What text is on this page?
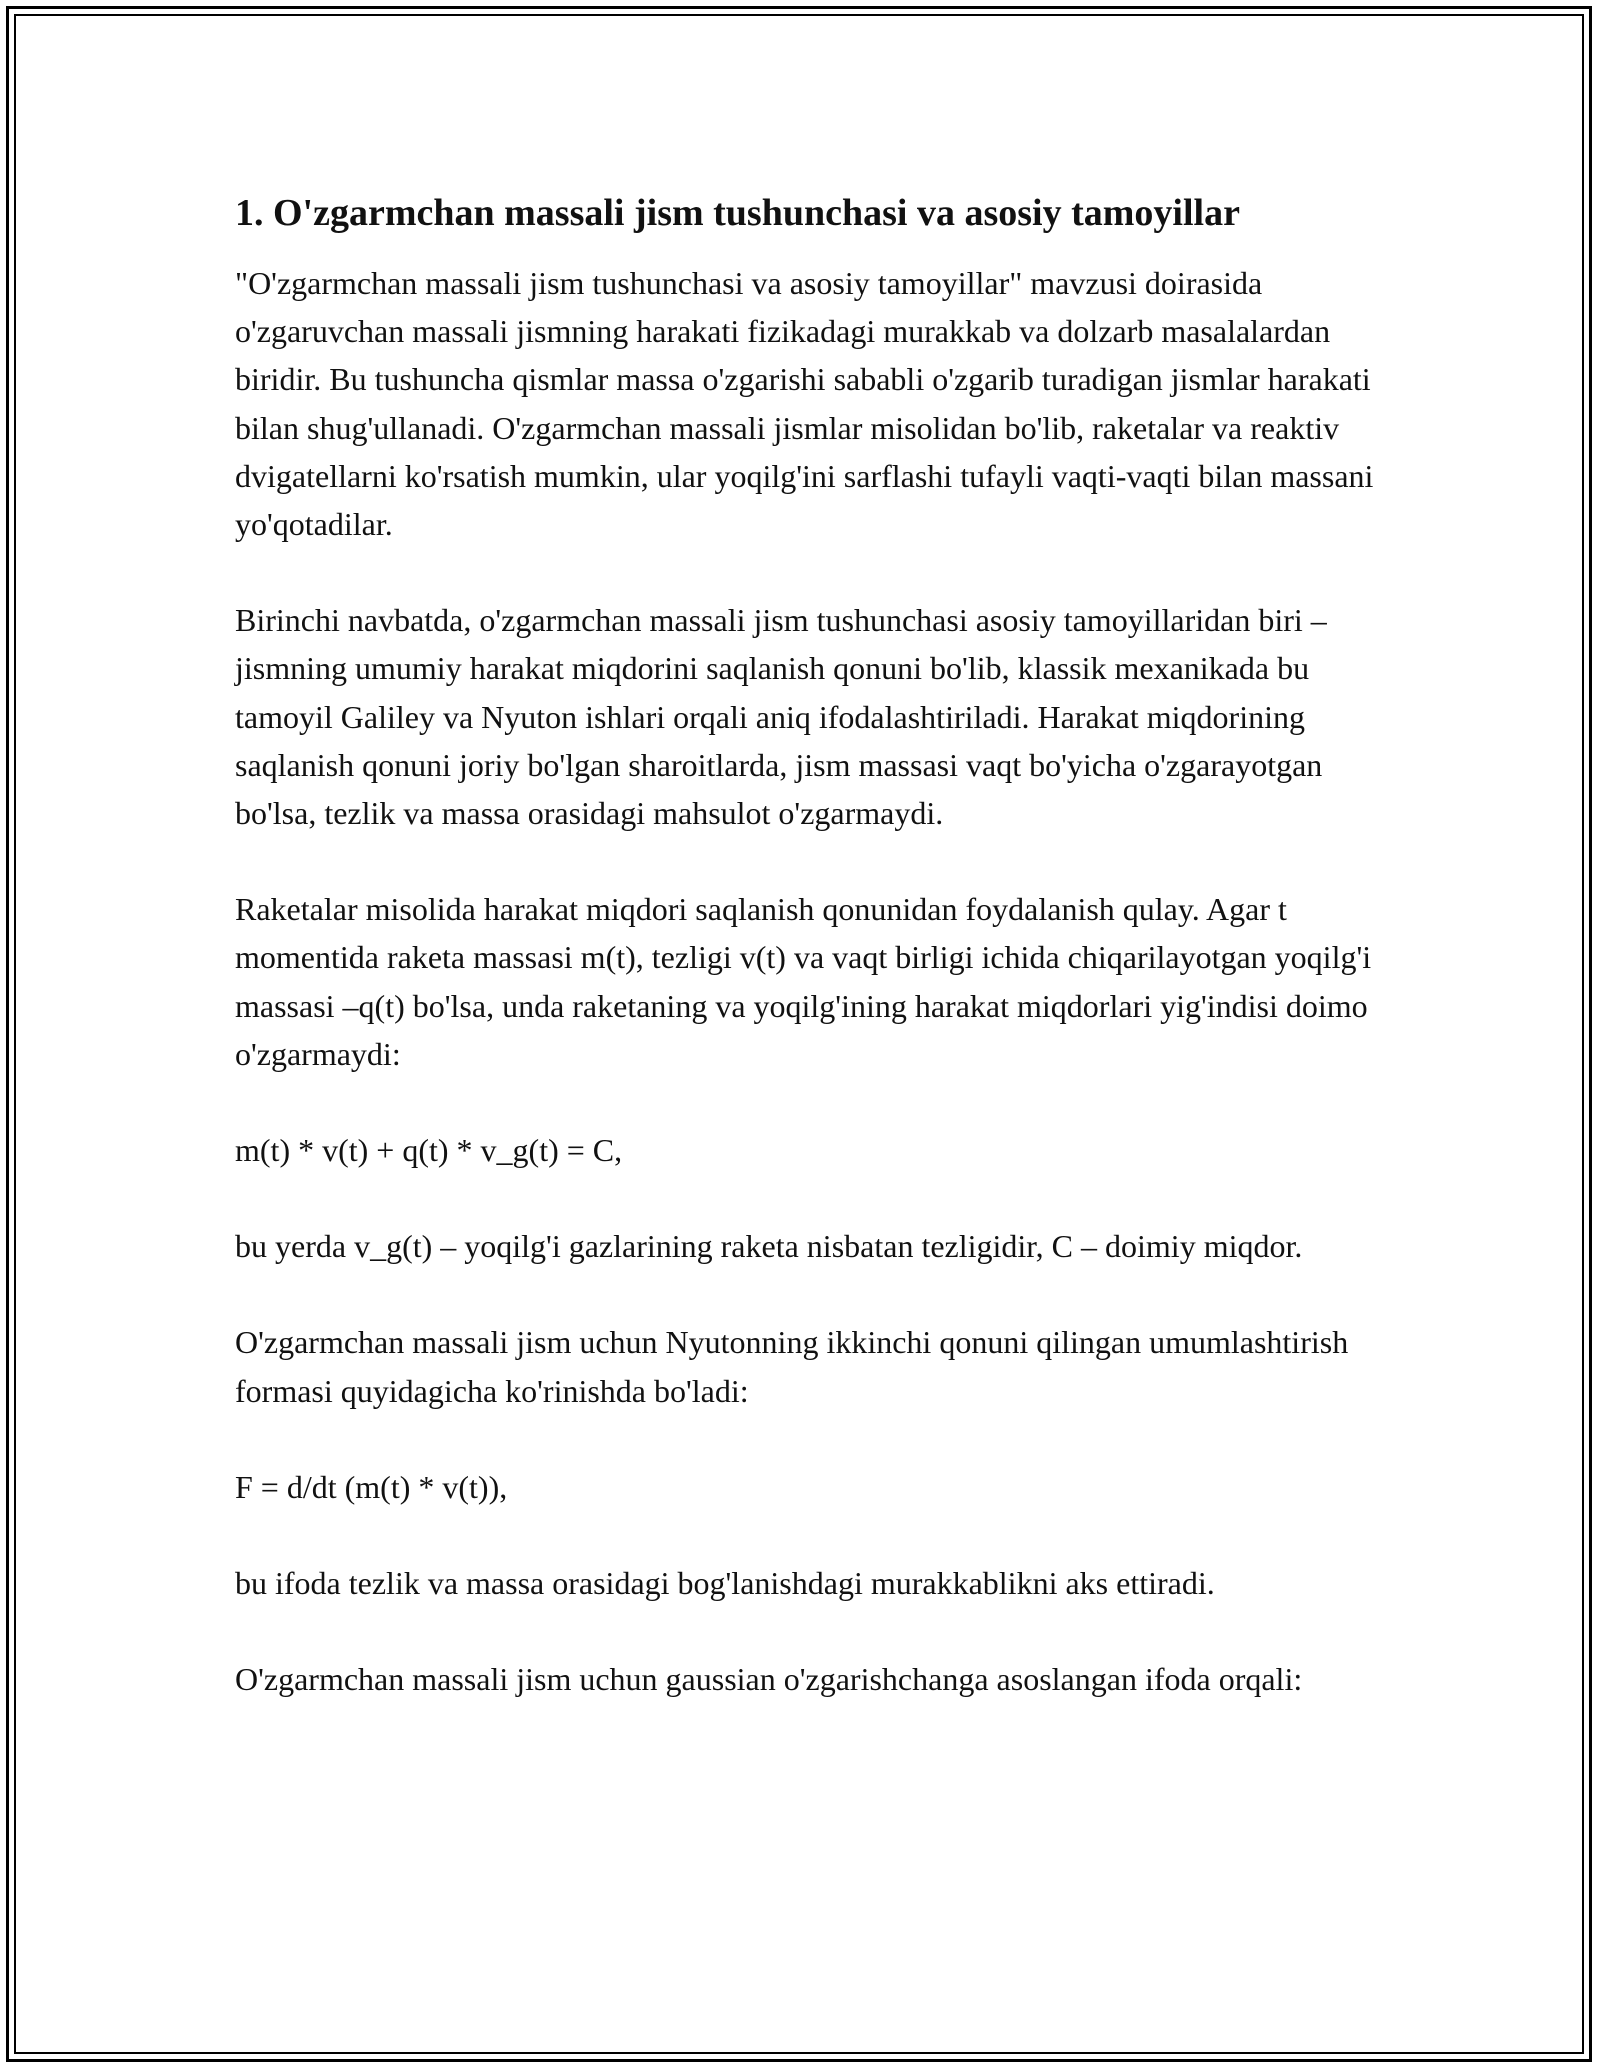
1. O'zgarmchan massali jism tushunchasi va asosiy tamoyillar

"O'zgarmchan massali jism tushunchasi va asosiy tamoyillar" mavzusi doirasida o'zgaruvchan massali jismning harakati fizikadagi murakkab va dolzarb masalalardan biridir. Bu tushuncha qismlar massa o'zgarishi sababli o'zgarib turadigan jismlar harakati bilan shug'ullanadi. O'zgarmchan massali jismlar misolidan bo'lib, raketalar va reaktiv dvigatellarni ko'rsatish mumkin, ular yoqilg'ini sarflashi tufayli vaqti-vaqti bilan massani yo'qotadilar.

Birinchi navbatda, o'zgarmchan massali jism tushunchasi asosiy tamoyillaridan biri – jismning umumiy harakat miqdorini saqlanish qonuni bo'lib, klassik mexanikada bu tamoyil Galiley va Nyuton ishlari orqali aniq ifodalashtiriladi. Harakat miqdorining saqlanish qonuni joriy bo'lgan sharoitlarda, jism massasi vaqt bo'yicha o'zgarayotgan bo'lsa, tezlik va massa orasidagi mahsulot o'zgarmaydi.

Raketalar misolida harakat miqdori saqlanish qonunidan foydalanish qulay. Agar t momentida raketa massasi m(t), tezligi v(t) va vaqt birligi ichida chiqarilayotgan yoqilg'i massasi –q(t) bo'lsa, unda raketaning va yoqilg'ining harakat miqdorlari yig'indisi doimo o'zgarmaydi:

m(t) * v(t) + q(t) * v_g(t) = C,

bu yerda v_g(t) – yoqilg'i gazlarining raketa nisbatan tezligidir, C – doimiy miqdor.

O'zgarmchan massali jism uchun Nyutonning ikkinchi qonuni qilingan umumlashtirish formasi quyidagicha ko'rinishda bo'ladi:

F = d/dt (m(t) * v(t)),

bu ifoda tezlik va massa orasidagi bog'lanishdagi murakkablikni aks ettiradi.

O'zgarmchan massali jism uchun gaussian o'zgarishchanga asoslangan ifoda orqali:
